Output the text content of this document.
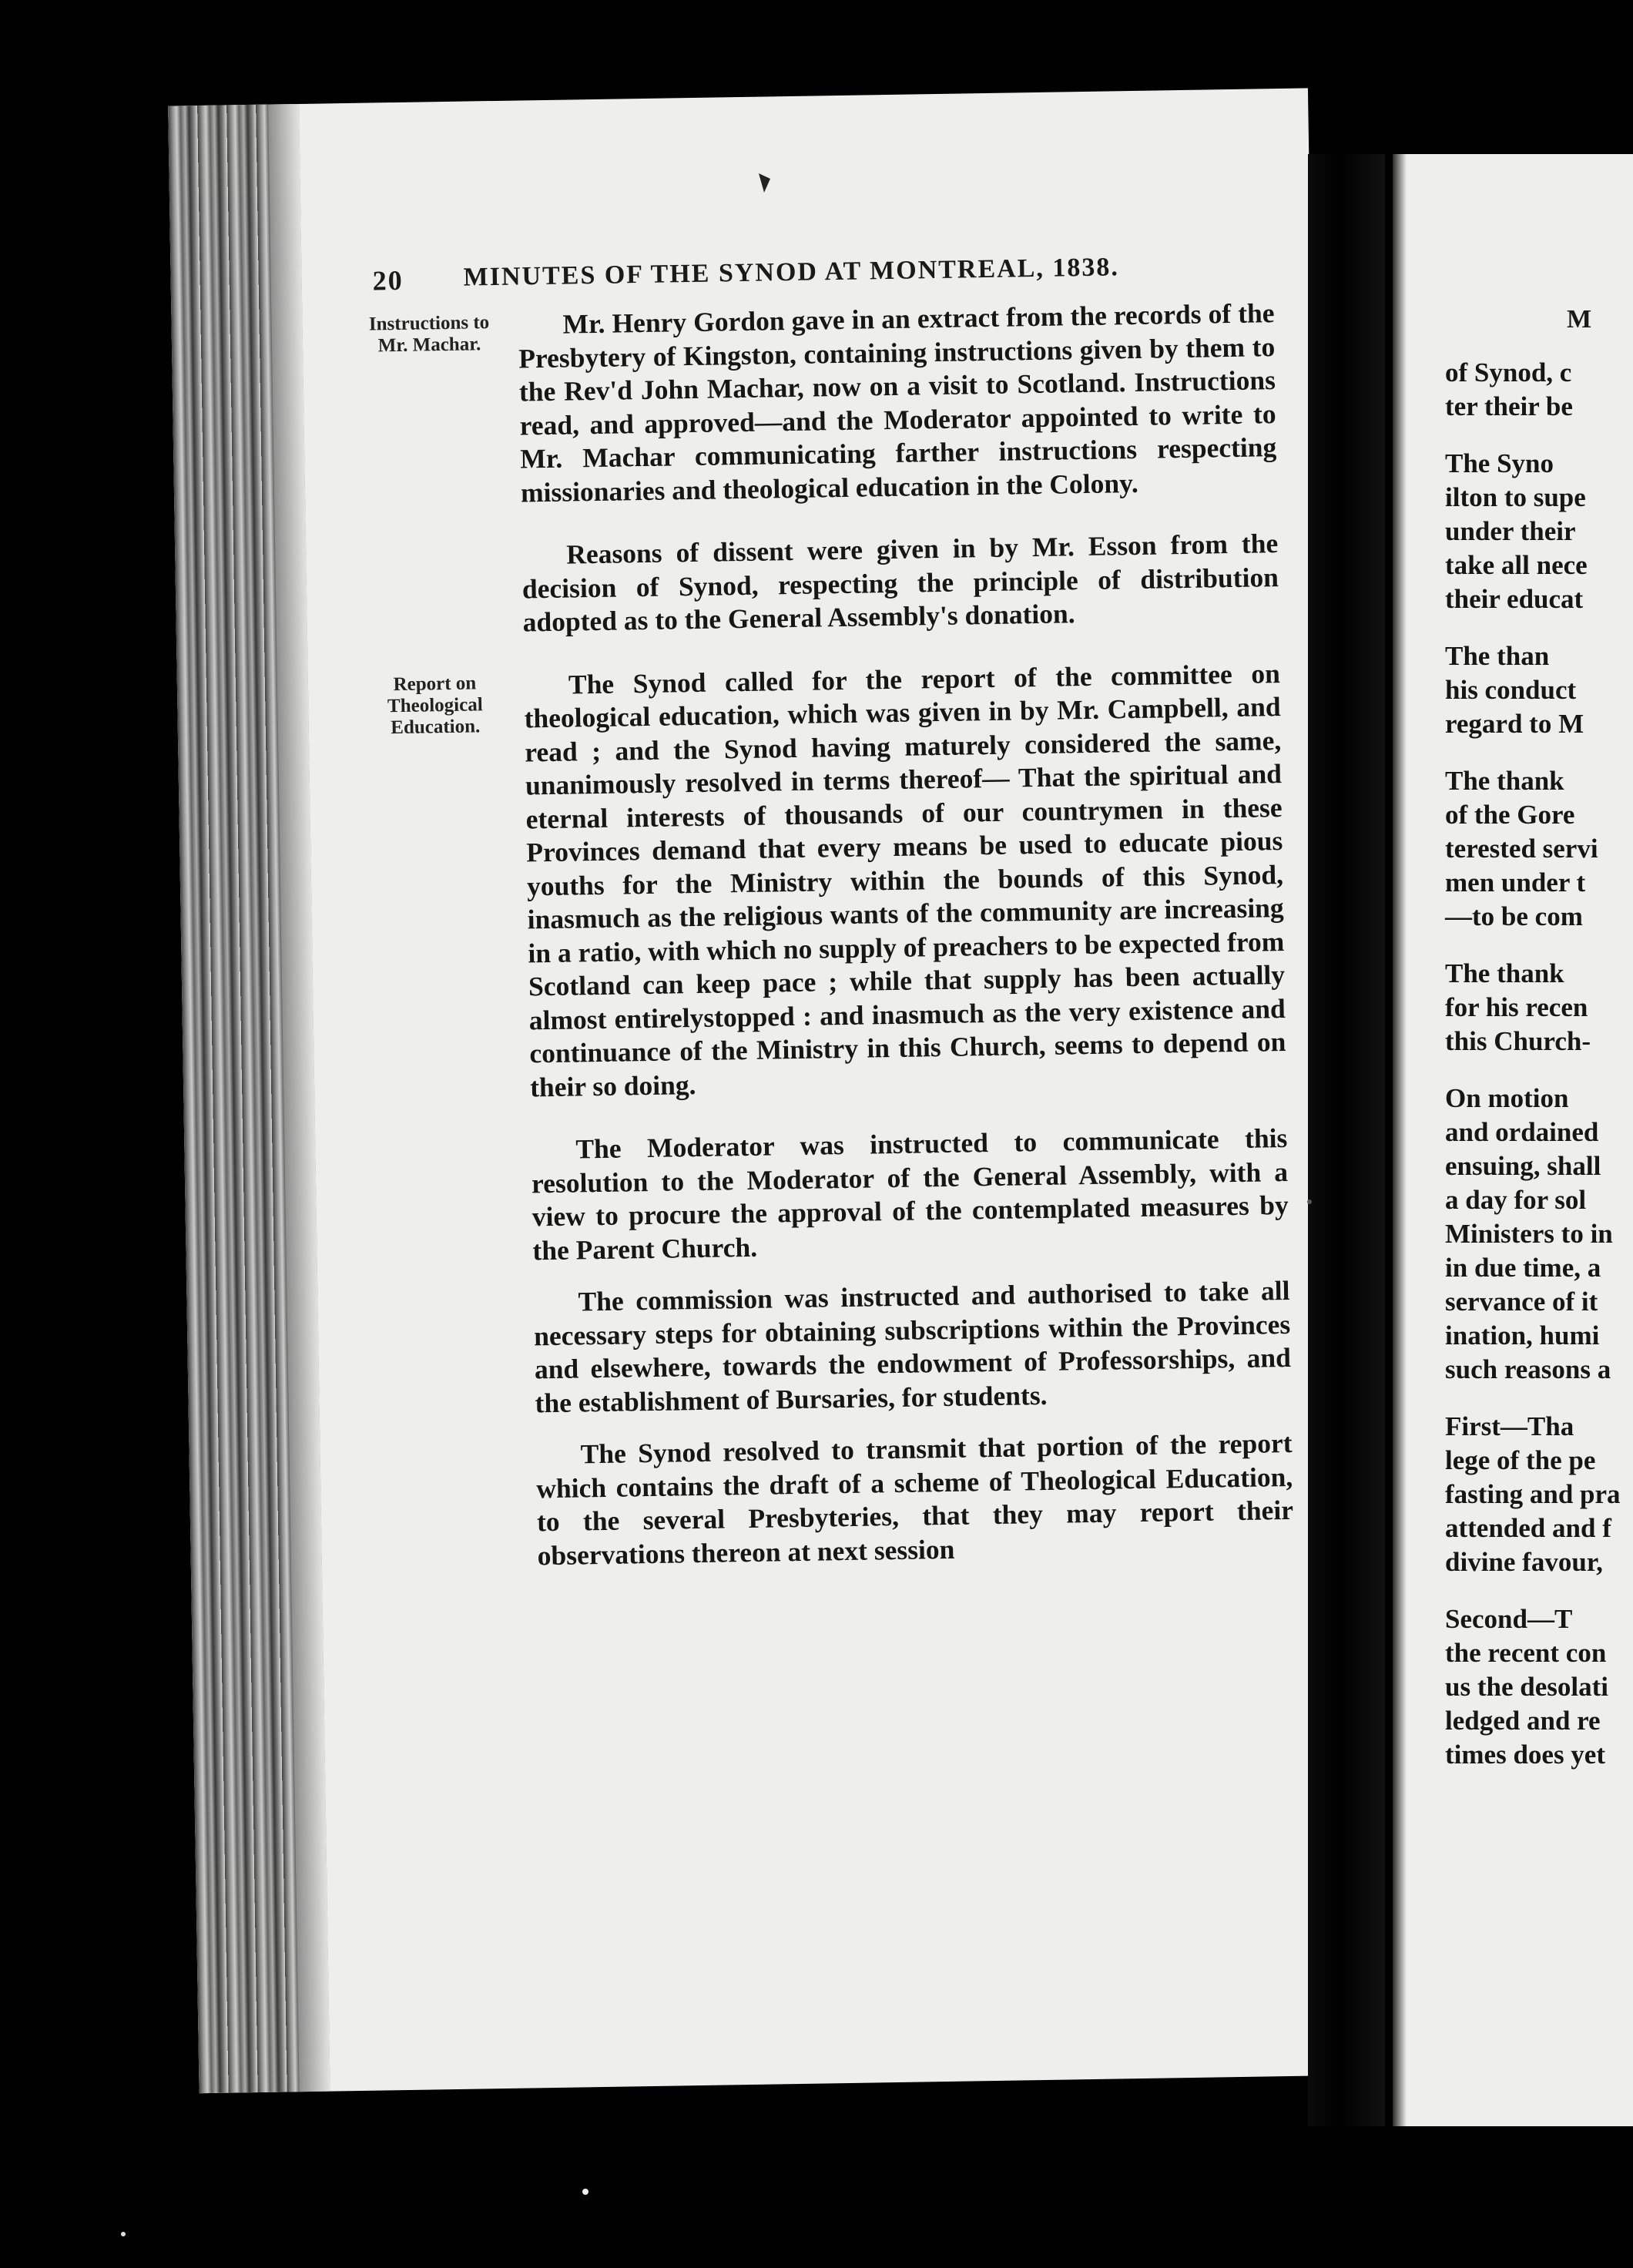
20 MINUTES OF THE SYNOD AT MONTREAL, 1838.
Instructions to Mr. Machar.

Mr. Henry Gordon gave in an extract from the records of the Presbytery of Kingston, containing instructions given by them to the Rev'd John Machar, now on a visit to Scotland. Instructions read, and approved—and the Moderator appointed to write to Mr. Machar communicating farther instructions respecting missionaries and theological education in the Colony.

Reasons of dissent were given in by Mr. Esson from the decision of Synod, respecting the principle of distribution adopted as to the General Assembly's donation.

Report on Theological Education.

The Synod called for the report of the committee on theological education, which was given in by Mr. Campbell, and read ; and the Synod having maturely considered the same, unanimously resolved in terms thereof— That the spiritual and eternal interests of thousands of our countrymen in these Provinces demand that every means be used to educate pious youths for the Ministry within the bounds of this Synod, inasmuch as the religious wants of the community are increasing in a ratio, with which no supply of preachers to be expected from Scotland can keep pace ; while that supply has been actually almost entirelystopped : and inasmuch as the very existence and continuance of the Ministry in this Church, seems to depend on their so doing.

The Moderator was instructed to communicate this resolution to the Moderator of the General Assembly, with a view to procure the approval of the contemplated measures by the Parent Church.

The commission was instructed and authorised to take all necessary steps for obtaining subscriptions within the Provinces and elsewhere, towards the endowment of Professorships, and the establishment of Bursaries, for students.

The Synod resolved to transmit that portion of the report which contains the draft of a scheme of Theological Education, to the several Presbyteries, that they may report their observations thereon at next session

M
of Synod, c
ter their be
The Syno
ilton to supe
under their
take all nece
their educat
The than
his conduct
regard to M
The thank
of the Gore
terested servi
men under t
—to be com
The thank
for his recen
this Church-
On motion
and ordained
ensuing, shall
a day for sol
Ministers to in
in due time, a
servance of it
ination, humi
such reasons a
First—Tha
lege of the pe
fasting and pra
attended and f
divine favour,
Second—T
the recent con
us the desolati
ledged and re
times does yet
